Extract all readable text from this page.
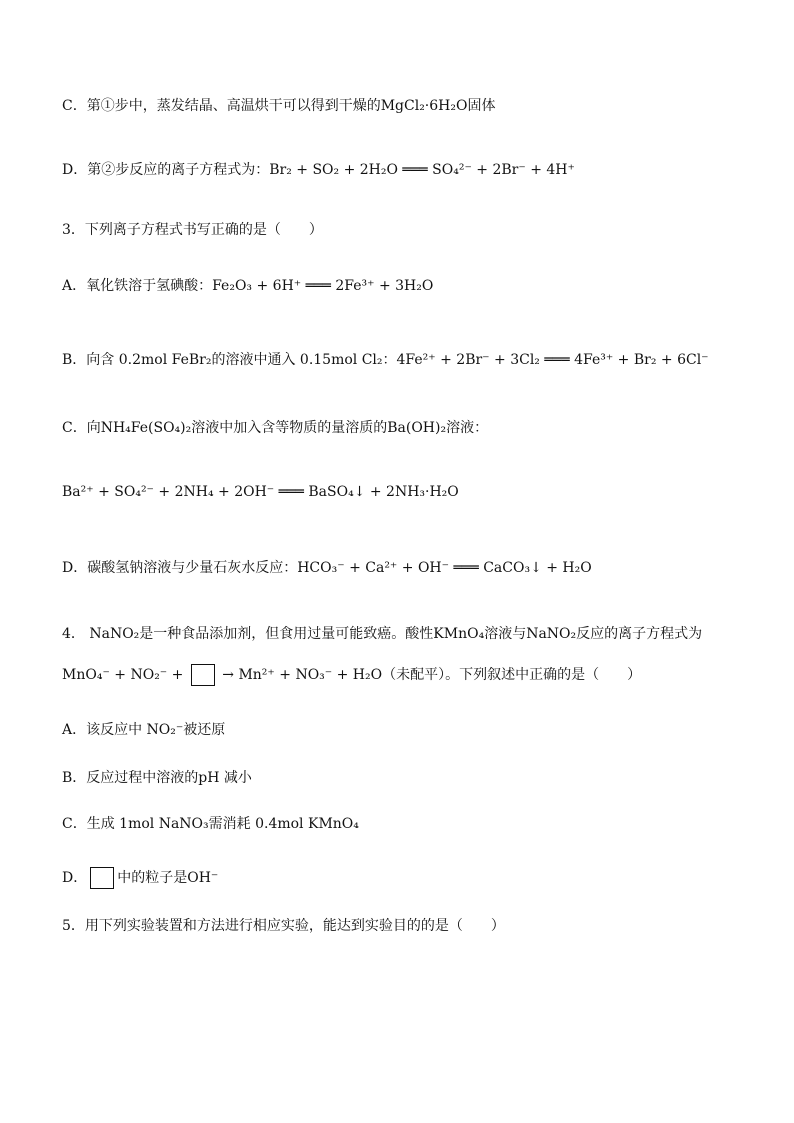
C．第①步中，蒸发结晶、高温烘干可以得到干燥的MgCl₂·6H₂O固体
D．第②步反应的离子方程式为：Br₂ + SO₂ + 2H₂O ═══ SO₄²⁻ + 2Br⁻ + 4H⁺
3．下列离子方程式书写正确的是（　　）
A．氧化铁溶于氢碘酸：Fe₂O₃ + 6H⁺ ═══ 2Fe³⁺ + 3H₂O
B．向含 0.2mol FeBr₂的溶液中通入 0.15mol Cl₂：4Fe²⁺ + 2Br⁻ + 3Cl₂ ═══ 4Fe³⁺ + Br₂ + 6Cl⁻
C．向NH₄Fe(SO₄)₂溶液中加入含等物质的量溶质的Ba(OH)₂溶液：
Ba²⁺ + SO₄²⁻ + 2NH₄ + 2OH⁻ ═══ BaSO₄↓ + 2NH₃·H₂O
D．碳酸氢钠溶液与少量石灰水反应：HCO₃⁻ + Ca²⁺ + OH⁻ ═══ CaCO₃↓ + H₂O
4． NaNO₂是一种食品添加剂，但食用过量可能致癌。酸性KMnO₄溶液与NaNO₂反应的离子方程式为
MnO₄⁻ + NO₂⁻ +  → Mn²⁺ + NO₃⁻ + H₂O（未配平）。下列叙述中正确的是（　　）
A．该反应中 NO₂⁻被还原
B．反应过程中溶液的pH 减小
C．生成 1mol NaNO₃需消耗 0.4mol KMnO₄
D． 中的粒子是OH⁻
5．用下列实验装置和方法进行相应实验，能达到实验目的的是（　　）
